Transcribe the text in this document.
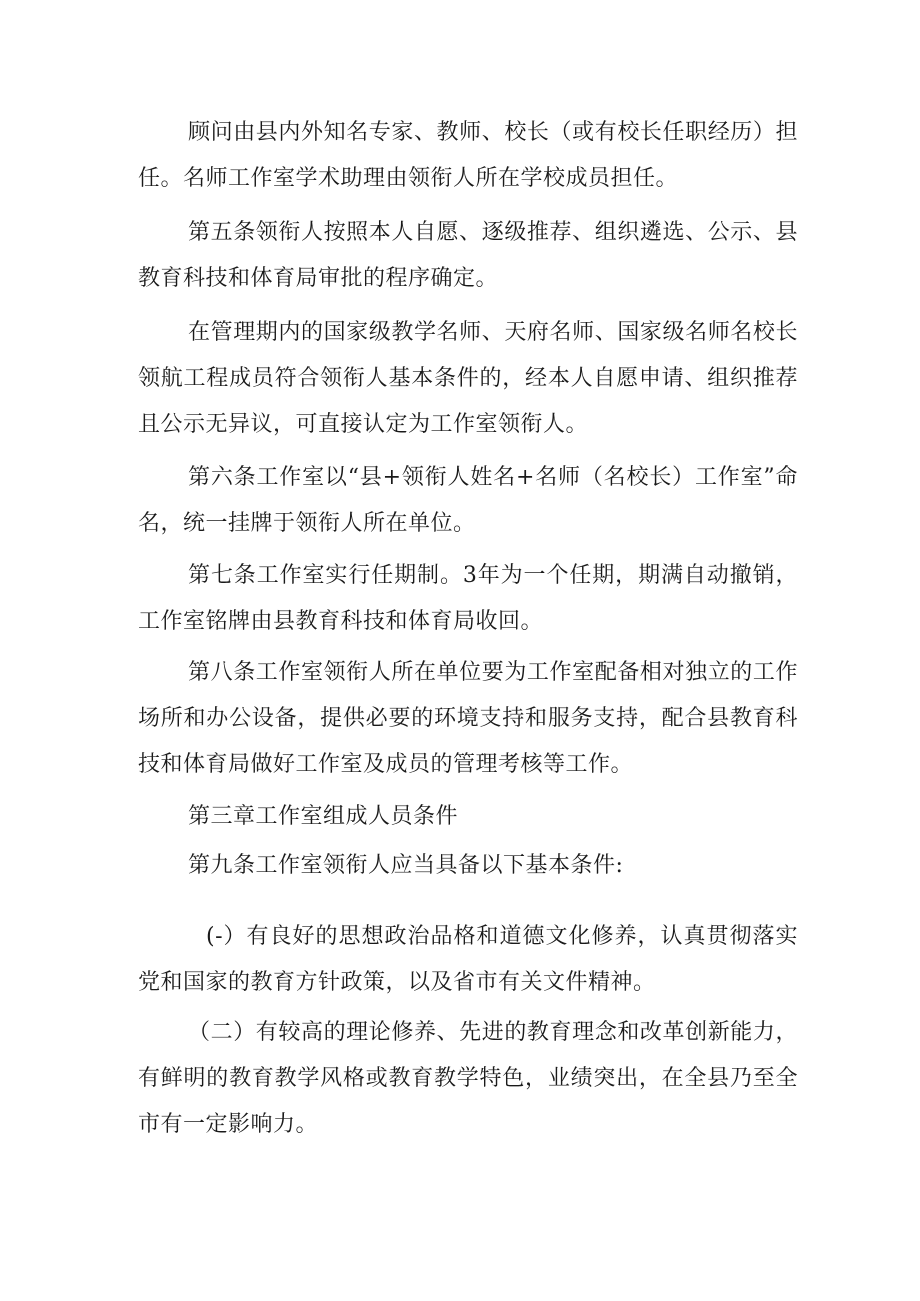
顾问由县内外知名专家、教师、校长（或有校长任职经历）担任。名师工作室学术助理由领衔人所在学校成员担任。

第五条领衔人按照本人自愿、逐级推荐、组织遴选、公示、县教育科技和体育局审批的程序确定。

在管理期内的国家级教学名师、天府名师、国家级名师名校长领航工程成员符合领衔人基本条件的，经本人自愿申请、组织推荐且公示无异议，可直接认定为工作室领衔人。

第六条工作室以“县+领衔人姓名+名师（名校长）工作室”命名，统一挂牌于领衔人所在单位。

第七条工作室实行任期制。3年为一个任期，期满自动撤销，工作室铭牌由县教育科技和体育局收回。

第八条工作室领衔人所在单位要为工作室配备相对独立的工作场所和办公设备，提供必要的环境支持和服务支持，配合县教育科技和体育局做好工作室及成员的管理考核等工作。

第三章工作室组成人员条件

第九条工作室领衔人应当具备以下基本条件:

(-）有良好的思想政治品格和道德文化修养，认真贯彻落实党和国家的教育方针政策，以及省市有关文件精神。

（二）有较高的理论修养、先进的教育理念和改革创新能力，有鲜明的教育教学风格或教育教学特色，业绩突出，在全县乃至全市有一定影响力。
